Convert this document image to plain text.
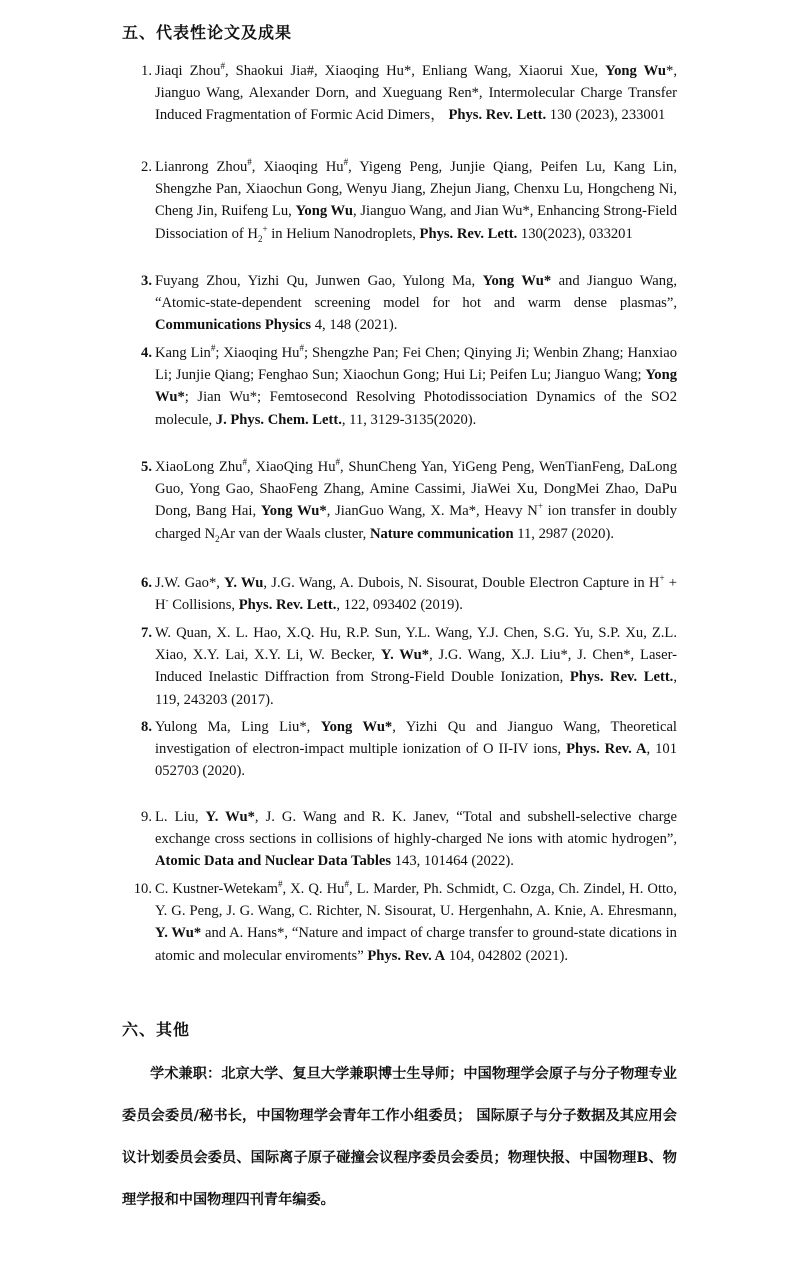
五、代表性论文及成果
1. Jiaqi Zhou#, Shaokui Jia#, Xiaoqing Hu*, Enliang Wang, Xiaorui Xue, Yong Wu*, Jianguo Wang, Alexander Dorn, and Xueguang Ren*, Intermolecular Charge Transfer Induced Fragmentation of Formic Acid Dimers， Phys. Rev. Lett. 130 (2023), 233001
2. Lianrong Zhou#, Xiaoqing Hu#, Yigeng Peng, Junjie Qiang, Peifen Lu, Kang Lin, Shengzhe Pan, Xiaochun Gong, Wenyu Jiang, Zhejun Jiang, Chenxu Lu, Hongcheng Ni, Cheng Jin, Ruifeng Lu, Yong Wu, Jianguo Wang, and Jian Wu*, Enhancing Strong-Field Dissociation of $H_2^+$ in Helium Nanodroplets, Phys. Rev. Lett. 130(2023), 033201
3. Fuyang Zhou, Yizhi Qu, Junwen Gao, Yulong Ma, Yong Wu* and Jianguo Wang, “Atomic-state-dependent screening model for hot and warm dense plasmas”, Communications Physics 4, 148 (2021).
4. Kang Lin#; Xiaoqing Hu#; Shengzhe Pan; Fei Chen; Qinying Ji; Wenbin Zhang; Hanxiao Li; Junjie Qiang; Fenghao Sun; Xiaochun Gong; Hui Li; Peifen Lu; Jianguo Wang; Yong Wu*; Jian Wu*; Femtosecond Resolving Photodissociation Dynamics of the SO2 molecule, J. Phys. Chem. Lett., 11, 3129-3135(2020).
5. XiaoLong Zhu#, XiaoQing Hu#, ShunCheng Yan, YiGeng Peng, WenTianFeng, DaLong Guo, Yong Gao, ShaoFeng Zhang, Amine Cassimi, JiaWei Xu, DongMei Zhao, DaPu Dong, Bang Hai, Yong Wu*, JianGuo Wang, X. Ma*, Heavy N+ ion transfer in doubly charged $N_2Ar$ van der Waals cluster, Nature communication 11, 2987 (2020).
6. J.W. Gao*, Y. Wu, J.G. Wang, A. Dubois, N. Sisourat, Double Electron Capture in H+ + H- Collisions, Phys. Rev. Lett., 122, 093402 (2019).
7. W. Quan, X. L. Hao, X.Q. Hu, R.P. Sun, Y.L. Wang, Y.J. Chen, S.G. Yu, S.P. Xu, Z.L. Xiao, X.Y. Lai, X.Y. Li, W. Becker, Y. Wu*, J.G. Wang, X.J. Liu*, J. Chen*, Laser-Induced Inelastic Diffraction from Strong-Field Double Ionization, Phys. Rev. Lett., 119, 243203 (2017).
8. Yulong Ma, Ling Liu*, Yong Wu*, Yizhi Qu and Jianguo Wang, Theoretical investigation of electron-impact multiple ionization of O II-IV ions, Phys. Rev. A, 101 052703 (2020).
9. L. Liu, Y. Wu*, J. G. Wang and R. K. Janev, “Total and subshell-selective charge exchange cross sections in collisions of highly-charged Ne ions with atomic hydrogen”, Atomic Data and Nuclear Data Tables 143, 101464 (2022).
10. C. Kustner-Wetekam#, X. Q. Hu#, L. Marder, Ph. Schmidt, C. Ozga, Ch. Zindel, H. Otto, Y. G. Peng, J. G. Wang, C. Richter, N. Sisourat, U. Hergenhahn, A. Knie, A. Ehresmann, Y. Wu* and A. Hans*, “Nature and impact of charge transfer to ground-state dications in atomic and molecular enviroments” Phys. Rev. A 104, 042802 (2021).
六、其他

学术兼职：北京大学、复旦大学兼职博士生导师；中国物理学会原子与分子物理专业委员会委员/秘书长，中国物理学会青年工作小组委员； 国际原子与分子数据及其应用会议计划委员会委员、国际离子原子碰撞会议程序委员会委员；物理快报、中国物理B、物理学报和中国物理四刊青年编委。
